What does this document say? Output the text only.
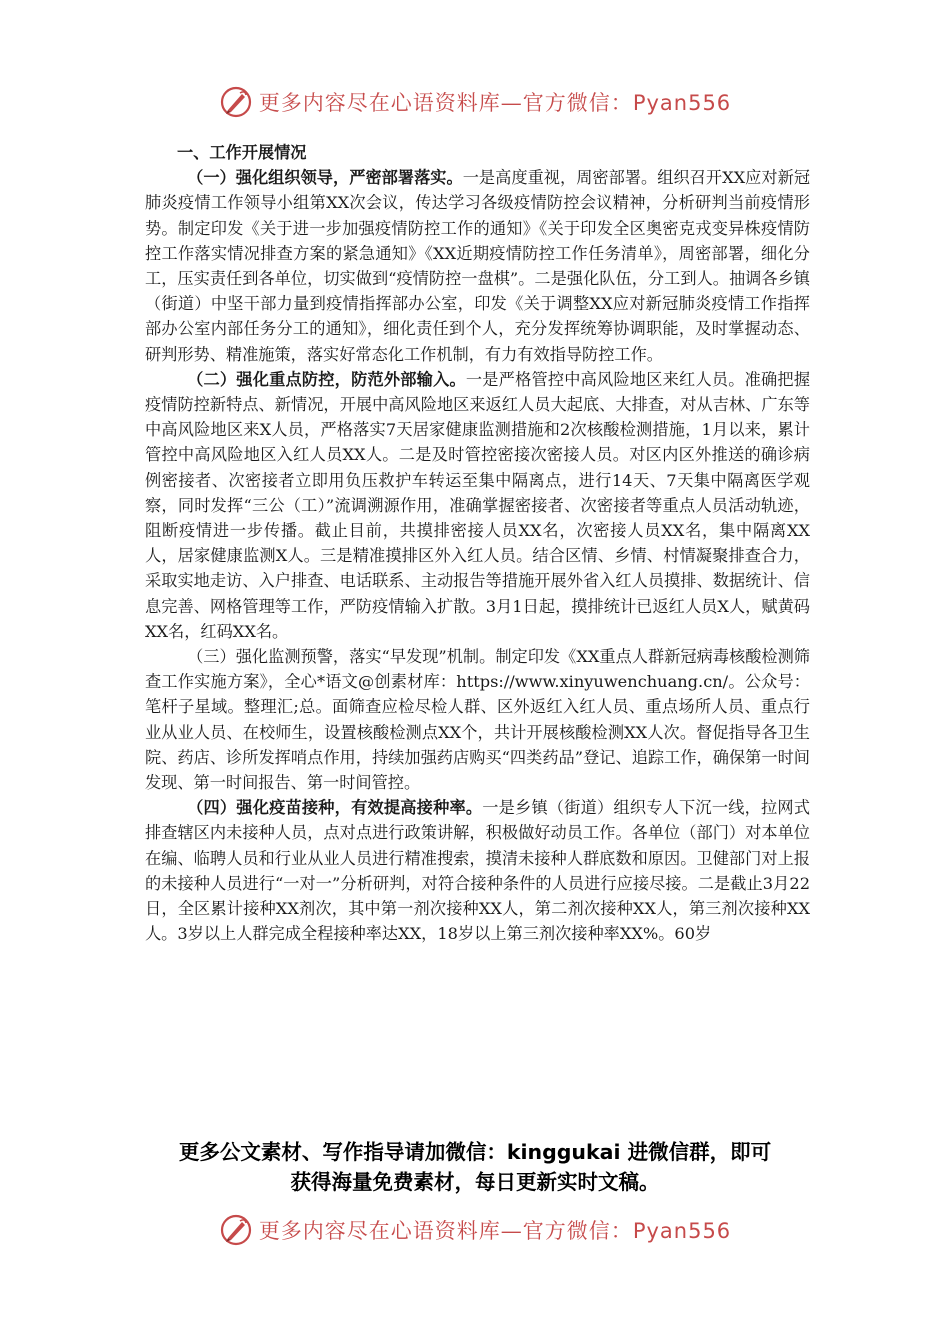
更多内容尽在心语资料库—官方微信：Pyan556

一、工作开展情况

（一）强化组织领导，严密部署落实。一是高度重视，周密部署。组织召开XX应对新冠肺炎疫情工作领导小组第XX次会议，传达学习各级疫情防控会议精神，分析研判当前疫情形势。制定印发《关于进一步加强疫情防控工作的通知》《关于印发全区奥密克戎变异株疫情防控工作落实情况排查方案的紧急通知》《XX近期疫情防控工作任务清单》，周密部署，细化分工，压实责任到各单位，切实做到“疫情防控一盘棋”。二是强化队伍，分工到人。抽调各乡镇（街道）中坚干部力量到疫情指挥部办公室，印发《关于调整XX应对新冠肺炎疫情工作指挥部办公室内部任务分工的通知》，细化责任到个人，充分发挥统筹协调职能，及时掌握动态、研判形势、精准施策，落实好常态化工作机制，有力有效指导防控工作。

（二）强化重点防控，防范外部输入。一是严格管控中高风险地区来红人员。准确把握疫情防控新特点、新情况，开展中高风险地区来返红人员大起底、大排查，对从吉林、广东等中高风险地区来X人员，严格落实7天居家健康监测措施和2次核酸检测措施，1月以来，累计管控中高风险地区入红人员XX人。二是及时管控密接次密接人员。对区内区外推送的确诊病例密接者、次密接者立即用负压救护车转运至集中隔离点，进行14天、7天集中隔离医学观察，同时发挥“三公（工）”流调溯源作用，准确掌握密接者、次密接者等重点人员活动轨迹，阻断疫情进一步传播。截止目前，共摸排密接人员XX名，次密接人员XX名，集中隔离XX人，居家健康监测X人。三是精准摸排区外入红人员。结合区情、乡情、村情凝聚排查合力，采取实地走访、入户排查、电话联系、主动报告等措施开展外省入红人员摸排、数据统计、信息完善、网格管理等工作，严防疫情输入扩散。3月1日起，摸排统计已返红人员X人，赋黄码XX名，红码XX名。

（三）强化监测预警，落实“早发现”机制。制定印发《XX重点人群新冠病毒核酸检测筛查工作实施方案》，全心*语文@创素材库：https://www.xinyuwenchuang.cn/。公众号：笔杆子星域。整理汇;总。面筛查应检尽检人群、区外返红入红人员、重点场所人员、重点行业从业人员、在校师生，设置核酸检测点XX个，共计开展核酸检测XX人次。督促指导各卫生院、药店、诊所发挥哨点作用，持续加强药店购买“四类药品”登记、追踪工作，确保第一时间发现、第一时间报告、第一时间管控。

（四）强化疫苗接种，有效提高接种率。一是乡镇（街道）组织专人下沉一线，拉网式排查辖区内未接种人员，点对点进行政策讲解，积极做好动员工作。各单位（部门）对本单位在编、临聘人员和行业从业人员进行精准搜索，摸清未接种人群底数和原因。卫健部门对上报的未接种人员进行“一对一”分析研判，对符合接种条件的人员进行应接尽接。二是截止3月22日，全区累计接种XX剂次，其中第一剂次接种XX人，第二剂次接种XX人，第三剂次接种XX人。3岁以上人群完成全程接种率达XX，18岁以上第三剂次接种率XX%。60岁

更多公文素材、写作指导请加微信：kinggukai 进微信群，即可
获得海量免费素材，每日更新实时文稿。
更多内容尽在心语资料库—官方微信：Pyan556
